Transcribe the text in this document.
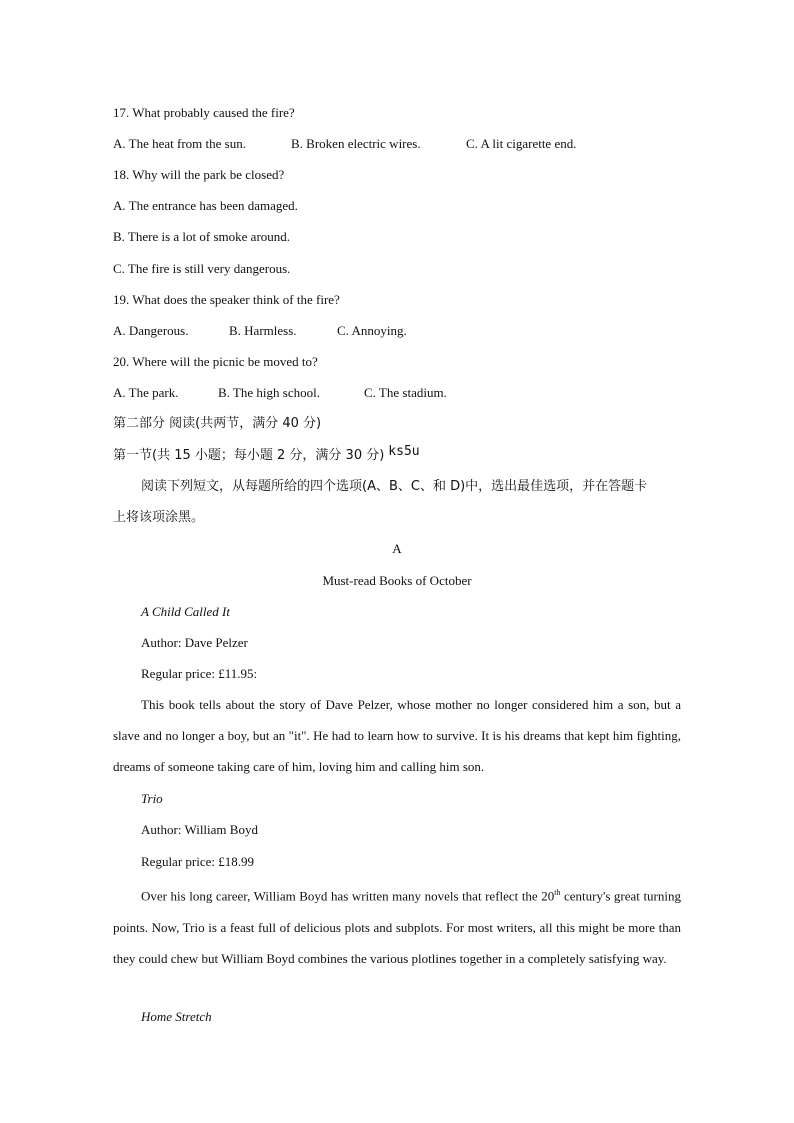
17. What probably caused the fire?
A. The heat from the sun.	B. Broken electric wires.	C. A lit cigarette end.
18. Why will the park be closed?
A. The entrance has been damaged.
B. There is a lot of smoke around.
C. The fire is still very dangerous.
19. What does the speaker think of the fire?
A. Dangerous.	B. Harmless.	C. Annoying.
20. Where will the picnic be moved to?
A. The park.	B. The high school.	C. The stadium.
第二部分 阅读(共两节，满分 40 分)
第一节(共 15 小题；每小题 2 分，满分 30 分) ks5u
阅读下列短文，从每题所给的四个选项(A、B、C、和 D)中，选出最佳选项，并在答题卡
上将该项涂黑。
A
Must-read Books of October
A Child Called It
Author: Dave Pelzer
Regular price: £11.95:
This book tells about the story of Dave Pelzer, whose mother no longer considered him a son, but a slave and no longer a boy, but an "it". He had to learn how to survive. It is his dreams that kept him fighting, dreams of someone taking care of him, loving him and calling him son.
Trio
Author: William Boyd
Regular price: £18.99
Over his long career, William Boyd has written many novels that reflect the 20th century's great turning points. Now, Trio is a feast full of delicious plots and subplots. For most writers, all this might be more than they could chew but William Boyd combines the various plotlines together in a completely satisfying way.
Home Stretch
